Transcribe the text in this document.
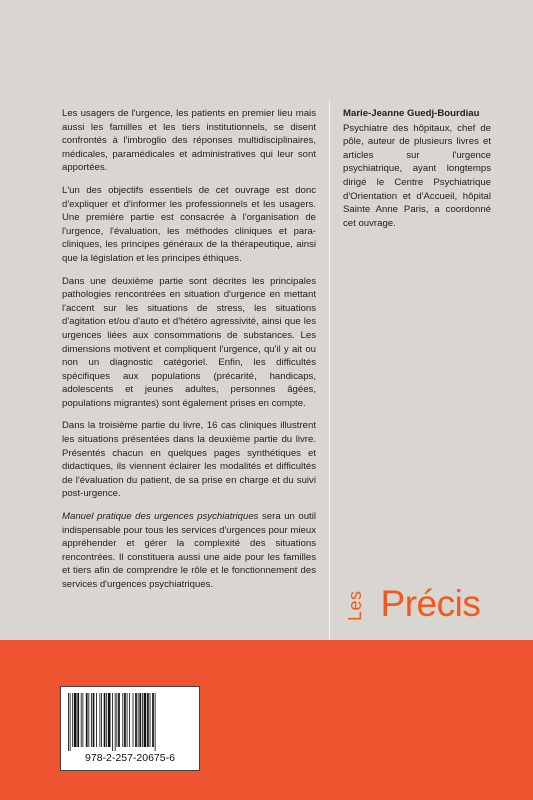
Les usagers de l'urgence, les patients en premier lieu mais aussi les familles et les tiers institutionnels, se disent confrontés à l'imbroglio des réponses multidisciplinaires, médicales, paramédicales et administratives qui leur sont apportées.

L'un des objectifs essentiels de cet ouvrage est donc d'expliquer et d'informer les professionnels et les usagers. Une première partie est consacrée à l'organisation de l'urgence, l'évaluation, les méthodes cliniques et para-cliniques, les principes généraux de la thérapeutique, ainsi que la législation et les principes éthiques.

Dans une deuxième partie sont décrites les principales pathologies rencontrées en situation d'urgence en mettant l'accent sur les situations de stress, les situations d'agitation et/ou d'auto et d'hétéro agressivité, ainsi que les urgences liées aux consommations de substances. Les dimensions motivent et compliquent l'urgence, qu'il y ait ou non un diagnostic catégoriel. Enfin, les difficultés spécifiques aux populations (précarité, handicaps, adolescents et jeunes adultes, personnes âgées, populations migrantes) sont également prises en compte.

Dans la troisième partie du livre, 16 cas cliniques illustrent les situations présentées dans la deuxième partie du livre. Présentés chacun en quelques pages synthétiques et didactiques, ils viennent éclairer les modalités et difficultés de l'évaluation du patient, de sa prise en charge et du suivi post-urgence.

Manuel pratique des urgences psychiatriques sera un outil indispensable pour tous les services d'urgences pour mieux appréhender et gérer la complexité des situations rencontrées. Il constituera aussi une aide pour les familles et tiers afin de comprendre le rôle et le fonctionnement des services d'urgences psychiatriques.

Marie-Jeanne Guedj-Bourdiau
Psychiatre des hôpitaux, chef de pôle, auteur de plusieurs livres et articles sur l'urgence psychiatrique, ayant longtemps dirigé le Centre Psychiatrique d'Orientation et d'Accueil, hôpital Sainte Anne Paris, a coordonné cet ouvrage.
Les Précis
978-2-257-20675-6
